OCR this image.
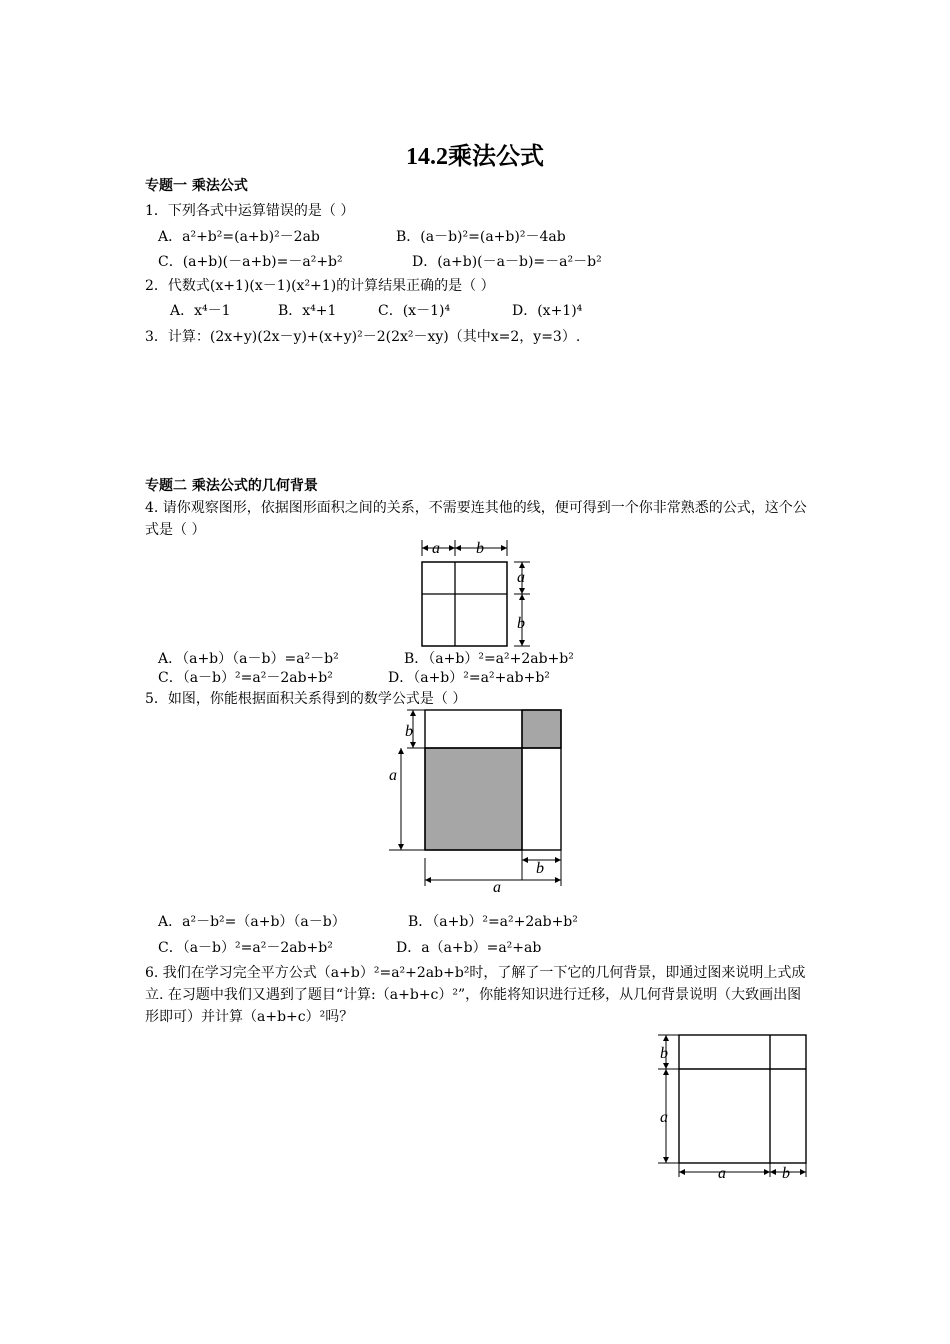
14.2乘法公式
专题一 乘法公式
1．下列各式中运算错误的是（ ）
A．a²+b²=(a+b)²－2ab	B．(a－b)²=(a+b)²－4ab
C．(a+b)(－a+b)=－a²+b²	D．(a+b)(－a－b)=－a²－b²
2．代数式(x+1)(x－1)(x²+1)的计算结果正确的是（ ）
A．x⁴－1	B．x⁴+1	C．(x－1)⁴	D．(x+1)⁴
3．计算：(2x+y)(2x－y)+(x+y)²－2(2x²－xy)（其中x=2，y=3）.
专题二 乘法公式的几何背景
4. 请你观察图形，依据图形面积之间的关系，不需要连其他的线，便可得到一个你非常熟悉的公式，这个公式是（ ）
a b
a
b
A．（a+b）（a－b）=a²－b²	B．（a+b）²=a²+2ab+b²
C．（a－b）²=a²－2ab+b²	D．（a+b）²=a²+ab+b²
5．如图，你能根据面积关系得到的数学公式是（ ）
b
a
b
a
A．a²－b²=（a+b）（a－b）	B．（a+b）²=a²+2ab+b²
C．（a－b）²=a²－2ab+b²	D．a（a+b）=a²+ab
6. 我们在学习完全平方公式（a+b）²=a²+2ab+b²时，了解了一下它的几何背景，即通过图来说明上式成立. 在习题中我们又遇到了题目“计算:（a+b+c）²”，你能将知识进行迁移，从几何背景说明（大致画出图形即可）并计算（a+b+c）²吗？
b
a
a	b
